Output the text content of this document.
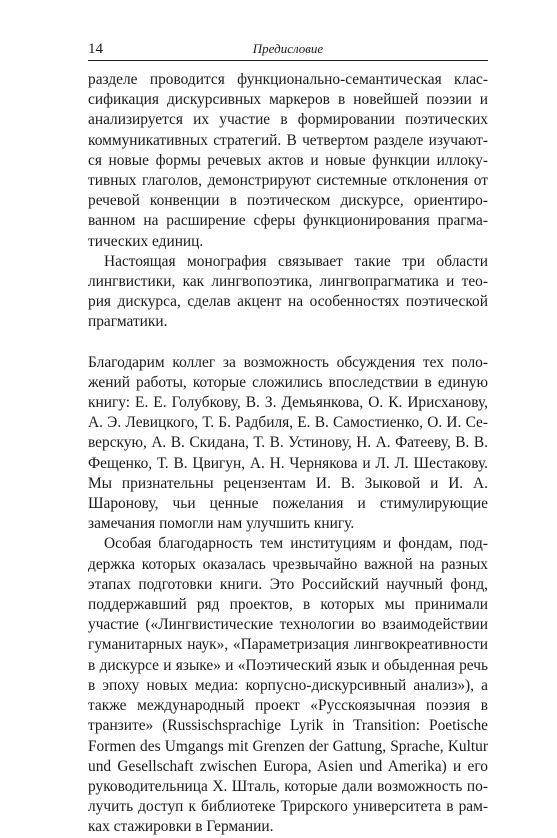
14	Предисловие

разделе проводится функционально-семантическая классификация дискурсивных маркеров в новейшей поэзии и анализируется их участие в формировании поэтических коммуникативных стратегий. В четвертом разделе изучаются новые формы речевых актов и новые функции иллокутивных глаголов, демонстрируют системные отклонения от речевой конвенции в поэтическом дискурсе, ориентированном на расширение сферы функционирования прагматических единиц.

Настоящая монография связывает такие три области лингвистики, как лингвопоэтика, лингвопрагматика и теория дискурса, сделав акцент на особенностях поэтической прагматики.

Благодарим коллег за возможность обсуждения тех положений работы, которые сложились впоследствии в единую книгу: Е. Е. Голубкову, В. З. Демьянкова, О. К. Ирисханову, А. Э. Левицкого, Т. Б. Радбиля, Е. В. Самостиенко, О. И. Северскую, А. В. Скидана, Т. В. Устинову, Н. А. Фатееву, В. В. Фещенко, Т. В. Цвигун, А. Н. Чернякова и Л. Л. Шестакову. Мы признательны рецензентам И. В. Зыковой и И. А. Шаронову, чьи ценные пожелания и стимулирующие замечания помогли нам улучшить книгу.

Особая благодарность тем институциям и фондам, поддержка которых оказалась чрезвычайно важной на разных этапах подготовки книги. Это Российский научный фонд, поддержавший ряд проектов, в которых мы принимали участие («Лингвистические технологии во взаимодействии гуманитарных наук», «Параметризация лингвокреативности в дискурсе и языке» и «Поэтический язык и обыденная речь в эпоху новых медиа: корпусно-дискурсивный анализ»), а также международный проект «Русскоязычная поэзия в транзите» (Russischsprachige Lyrik in Transition: Poetische Formen des Umgangs mit Grenzen der Gattung, Sprache, Kultur und Gesellschaft zwischen Europa, Asien und Amerika) и его руководительница Х. Шталь, которые дали возможность получить доступ к библиотеке Трирского университета в рамках стажировки в Германии.
